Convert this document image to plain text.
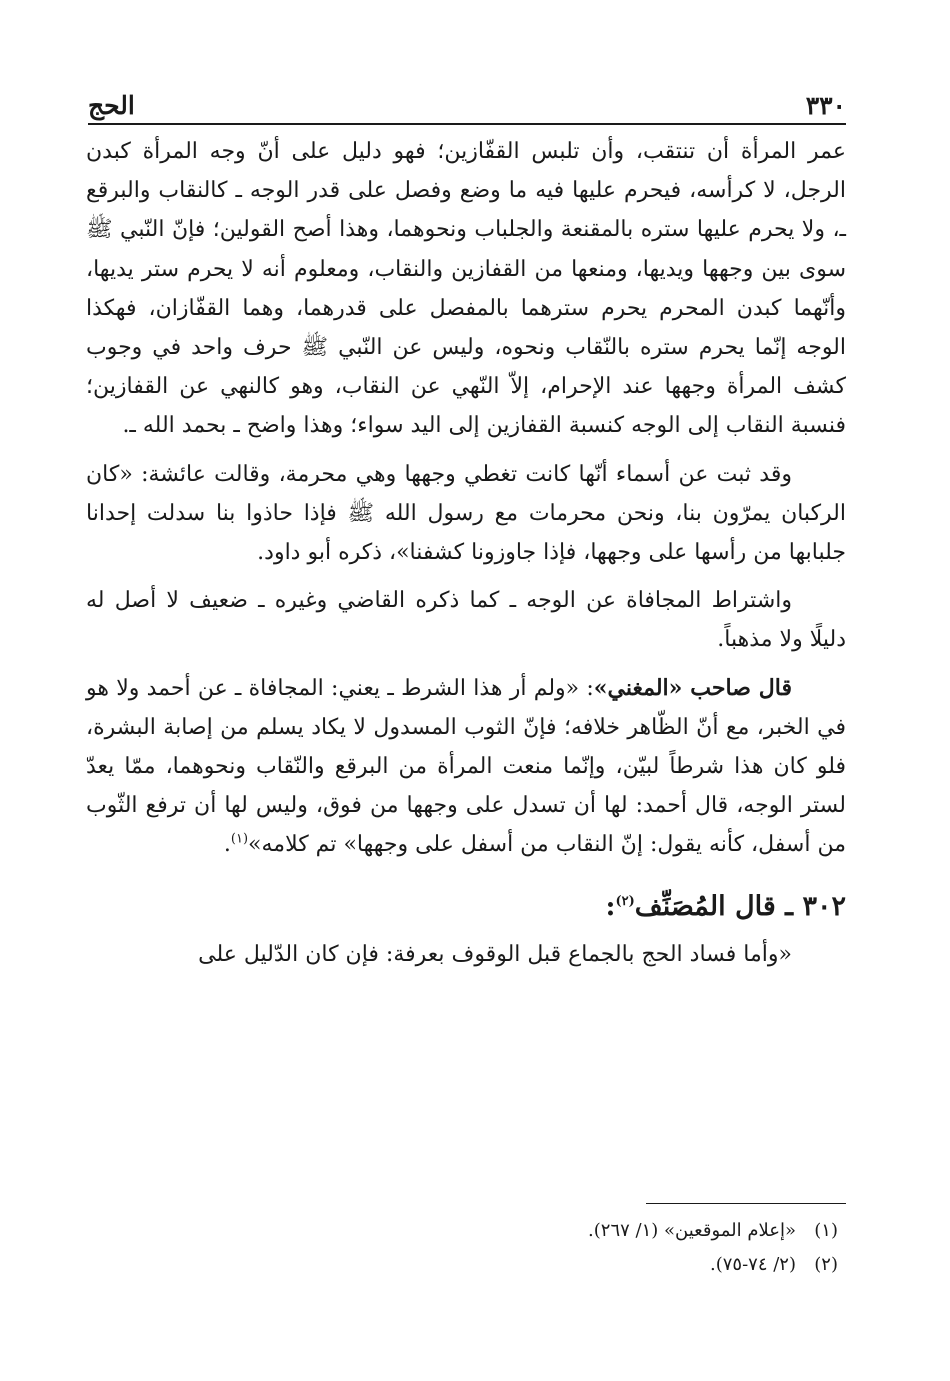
٣٣٠
الحج

عمر المرأة أن تنتقب، وأن تلبس القفّازين؛ فهو دليل على أنّ وجه المرأة كبدن الرجل، لا كرأسه، فيحرم عليها فيه ما وضع وفصل على قدر الوجه ـ كالنقاب والبرقع ـ، ولا يحرم عليها ستره بالمقنعة والجلباب ونحوهما، وهذا أصح القولين؛ فإنّ النّبي ﷺ سوى بين وجهها ويديها، ومنعها من القفازين والنقاب، ومعلوم أنه لا يحرم ستر يديها، وأنّهما كبدن المحرم يحرم سترهما بالمفصل على قدرهما، وهما القفّازان، فهكذا الوجه إنّما يحرم ستره بالنّقاب ونحوه، وليس عن النّبي ﷺ حرف واحد في وجوب كشف المرأة وجهها عند الإحرام، إلاّ النّهي عن النقاب، وهو كالنهي عن القفازين؛ فنسبة النقاب إلى الوجه كنسبة القفازين إلى اليد سواء؛ وهذا واضح ـ بحمد الله ـ.

وقد ثبت عن أسماء أنّها كانت تغطي وجهها وهي محرمة، وقالت عائشة: «كان الركبان يمرّون بنا، ونحن محرمات مع رسول الله ﷺ فإذا حاذوا بنا سدلت إحدانا جلبابها من رأسها على وجهها، فإذا جاوزونا كشفنا»، ذكره أبو داود.

واشتراط المجافاة عن الوجه ـ كما ذكره القاضي وغيره ـ ضعيف لا أصل له دليلًا ولا مذهباً.

قال صاحب «المغني»: «ولم أر هذا الشرط ـ يعني: المجافاة ـ عن أحمد ولا هو في الخبر، مع أنّ الظّاهر خلافه؛ فإنّ الثوب المسدول لا يكاد يسلم من إصابة البشرة، فلو كان هذا شرطاً لبيّن، وإنّما منعت المرأة من البرقع والنّقاب ونحوهما، ممّا يعدّ لستر الوجه، قال أحمد: لها أن تسدل على وجهها من فوق، وليس لها أن ترفع الثّوب من أسفل، كأنه يقول: إنّ النقاب من أسفل على وجهها» تم كلامه»$^{(١)}$.

٣٠٢ ـ قال المُصَنِّف$^{(٢)}$:

«وأما فساد الحج بالجماع قبل الوقوف بعرفة: فإن كان الدّليل على

(١)
«إعلام الموقعين» (١/ ٢٦٧).
(٢)
(٢/ ٧٤-٧٥).
